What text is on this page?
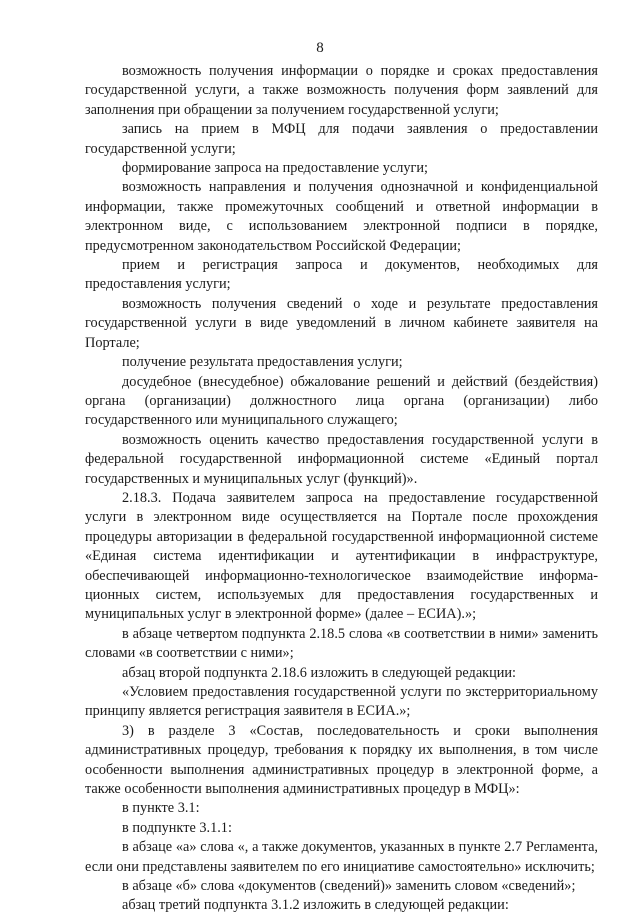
8

возможность получения информации о порядке и сроках предоставления государственной услуги, а также возможность получения форм заявлений для заполнения при обращении за получением государственной услуги;

запись на прием в МФЦ для подачи заявления о предоставлении государственной услуги;

формирование запроса на предоставление услуги;

возможность направления и получения однозначной и конфиденциальной информации, также промежуточных сообщений и ответной информации в электронном виде, с использованием электронной подписи в порядке, предусмотренном законодательством Российской Федерации;

прием и регистрация запроса и документов, необходимых для предоставления услуги;

возможность получения сведений о ходе и результате предоставления государственной услуги в виде уведомлений в личном кабинете заявителя на Портале;

получение результата предоставления услуги;

досудебное (внесудебное) обжалование решений и действий (бездействия) органа (организации) должностного лица органа (организации) либо государственного или муниципального служащего;

возможность оценить качество предоставления государственной услуги в федеральной государственной информационной системе «Единый портал государственных и муниципальных услуг (функций)».

2.18.3. Подача заявителем запроса на предоставление государственной услуги в электронном виде осуществляется на Портале после прохождения процедуры авторизации в федеральной государственной информационной системе «Единая система идентификации и аутентификации в инфраструктуре, обеспечивающей информационно-технологическое взаимодействие информационных систем, используемых для предоставления государственных и муниципальных услуг в электронной форме» (далее – ЕСИА).»;

в абзаце четвертом подпункта 2.18.5 слова «в соответствии в ними» заменить словами «в соответствии с ними»;

абзац второй подпункта 2.18.6 изложить в следующей редакции:

«Условием предоставления государственной услуги по экстерриториальному принципу является регистрация заявителя в ЕСИА.»;

3) в разделе 3 «Состав, последовательность и сроки выполнения административных процедур, требования к порядку их выполнения, в том числе особенности выполнения административных процедур в электронной форме, а также особенности выполнения административных процедур в МФЦ»:

в пункте 3.1:

в подпункте 3.1.1:

в абзаце «а» слова «, а также документов, указанных в пункте 2.7 Регламента, если они представлены заявителем по его инициативе самостоятельно» исключить;

в абзаце «б» слова «документов (сведений)» заменить словом «сведений»;

абзац третий подпункта 3.1.2 изложить в следующей редакции:
